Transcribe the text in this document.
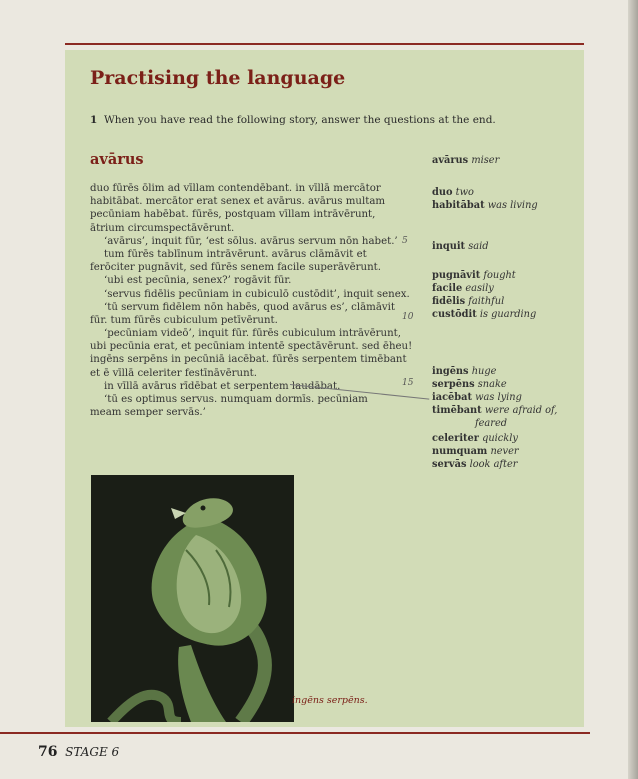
Practising the language

1 When you have read the following story, answer the questions at the end.

avārus
duo fūrēs ōlim ad vīllam contendēbant. in vīllā mercātor
habitābat. mercātor erat senex et avārus. avārus multam
pecūniam habēbat. fūrēs, postquam vīllam intrāvērunt,
ātrium circumspectāvērunt.
‘avārus’, inquit fūr, ‘est sōlus. avārus servum nōn habet.’
tum fūrēs tablīnum intrāvērunt. avārus clāmāvit et
ferōciter pugnāvit, sed fūrēs senem facile superāvērunt.
‘ubi est pecūnia, senex?’ rogāvit fūr.
‘servus fidēlis pecūniam in cubiculō custōdit’, inquit senex.
‘tū servum fidēlem nōn habēs, quod avārus es’, clāmāvit
fūr. tum fūrēs cubiculum petīvērunt.
‘pecūniam videō’, inquit fūr. fūrēs cubiculum intrāvērunt,
ubi pecūnia erat, et pecūniam intentē spectāvērunt. sed ēheu!
ingēns serpēns in pecūniā iacēbat. fūrēs serpentem timēbant
et ē vīllā celeriter festīnāvērunt.
in vīllā avārus rīdēbat et serpentem laudābat.
‘tū es optimus servus. numquam dormīs. pecūniam
meam semper servās.’
5
10
15
avārus miser
duo two
habitābat was living
inquit said
pugnāvit fought
facile easily
fidēlis faithful
custōdit is guarding
ingēns huge
serpēns snake
iacēbat was lying
timēbant were afraid of,
feared
celeriter quickly
numquam never
servās look after
ingēns serpēns.
76 STAGE 6
